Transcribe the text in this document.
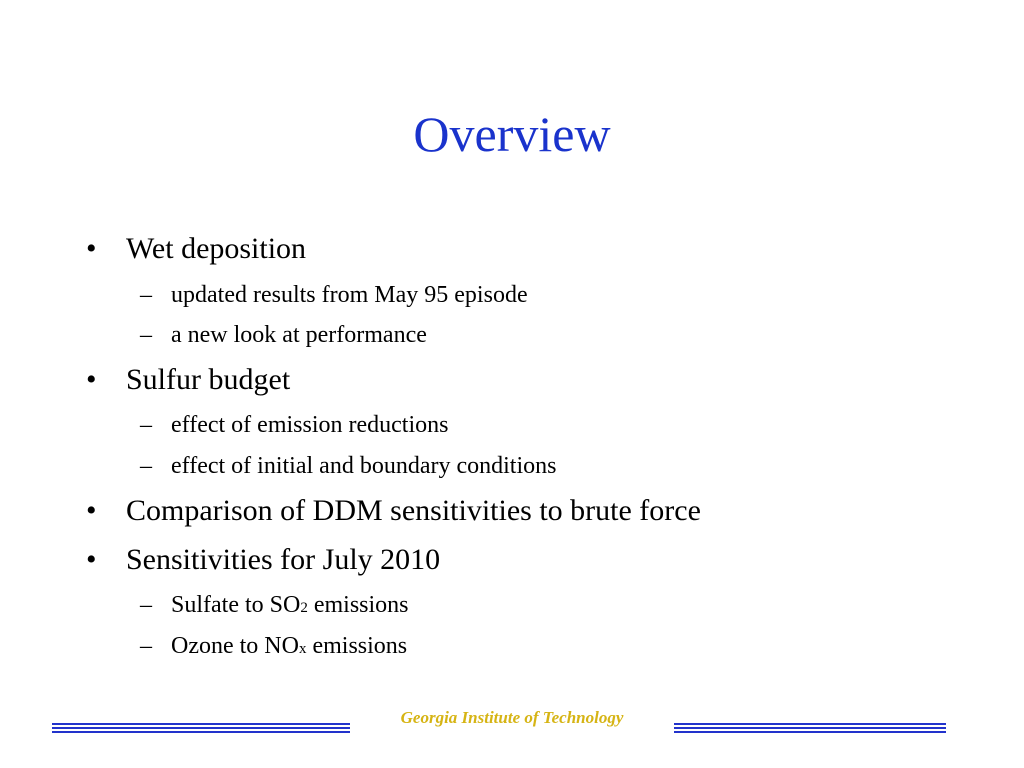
Overview
• Wet deposition
– updated results from May 95 episode
– a new look at performance
• Sulfur budget
– effect of emission reductions
– effect of initial and boundary conditions
• Comparison of DDM sensitivities to brute force
• Sensitivities for July 2010
– Sulfate to SO2 emissions
– Ozone to NOx emissions
Georgia Institute of Technology
